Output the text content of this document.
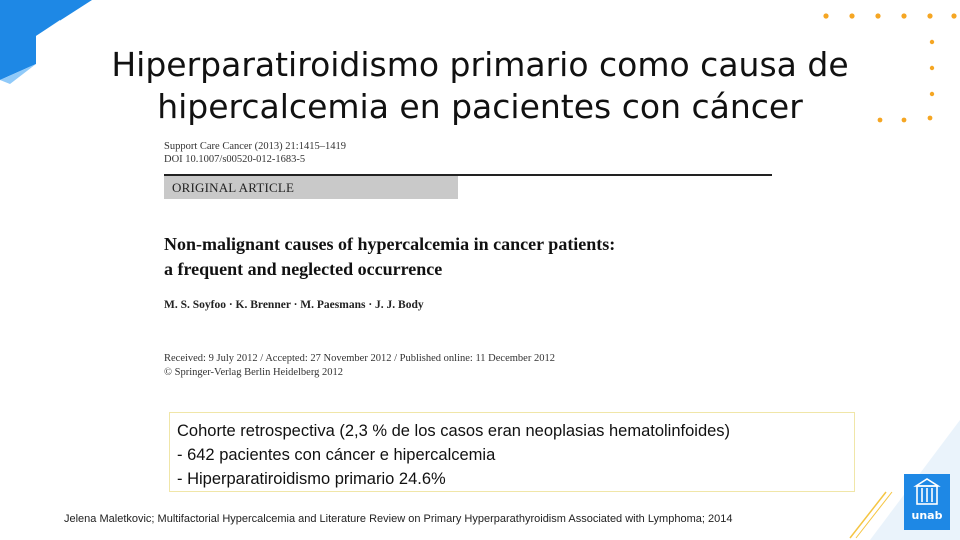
Hiperparatiroidismo primario como causa de
hipercalcemia en pacientes con cáncer
Support Care Cancer (2013) 21:1415–1419
DOI 10.1007/s00520-012-1683-5
ORIGINAL ARTICLE
Non-malignant causes of hypercalcemia in cancer patients:
a frequent and neglected occurrence
M. S. Soyfoo · K. Brenner · M. Paesmans · J. J. Body
Received: 9 July 2012 / Accepted: 27 November 2012 / Published online: 11 December 2012
© Springer-Verlag Berlin Heidelberg 2012
Cohorte retrospectiva (2,3 % de los casos eran neoplasias hematolinfoides)
- 642 pacientes con cáncer e hipercalcemia
- Hiperparatiroidismo primario 24.6%
Jelena Maletkovic; Multifactorial Hypercalcemia and Literature Review on Primary Hyperparathyroidism Associated with Lymphoma; 2014	unab
